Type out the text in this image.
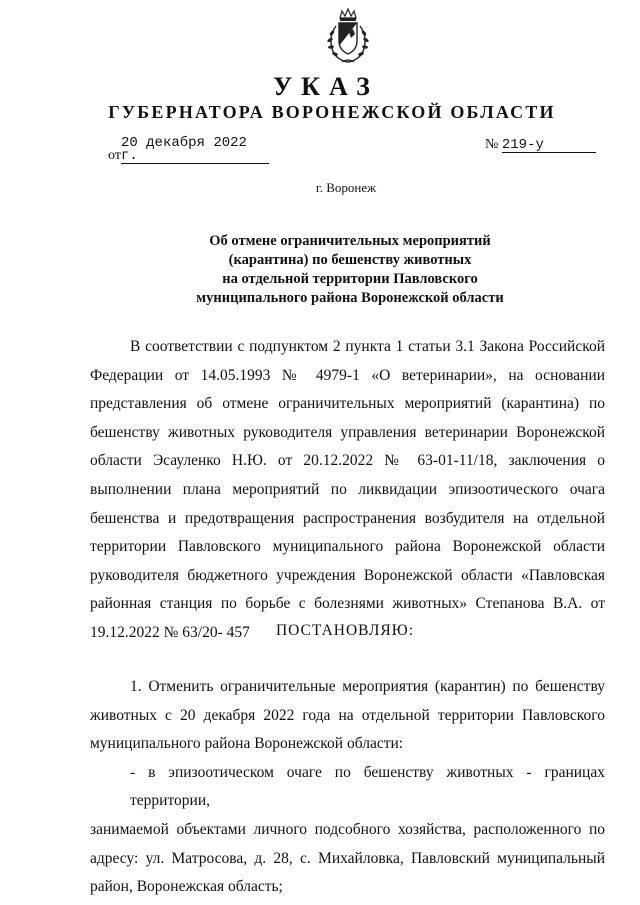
УКАЗ
ГУБЕРНАТОРА ВОРОНЕЖСКОЙ ОБЛАСТИ
от20 декабря 2022 г.
№ 219-у
г. Воронеж
Об отмене ограничительных мероприятий
(карантина) по бешенству животных
на отдельной территории Павловского
муниципального района Воронежской области
В соответствии с подпунктом 2 пункта 1 статьи 3.1 Закона Российской
Федерации от 14.05.1993 № 4979-1 «О ветеринарии», на основании
представления об отмене ограничительных мероприятий (карантина) по
бешенству животных руководителя управления ветеринарии Воронежской
области Эсауленко Н.Ю. от 20.12.2022 № 63-01-11/18, заключения о
выполнении плана мероприятий по ликвидации эпизоотического очага
бешенства и предотвращения распространения возбудителя на отдельной
территории Павловского муниципального района Воронежской области
руководителя бюджетного учреждения Воронежской области «Павловская
районная станция по борьбе с болезнями животных» Степанова В.А. от
19.12.2022 № 63/20- 457	ПОСТАНОВЛЯЮ:
1. Отменить ограничительные мероприятия (карантин) по бешенству
животных с 20 декабря 2022 года на отдельной территории Павловского
муниципального района Воронежской области:
- в эпизоотическом очаге по бешенству животных - границах территории,
занимаемой объектами личного подсобного хозяйства, расположенного по
адресу: ул. Матросова, д. 28, с. Михайловка, Павловский муниципальный
район, Воронежская область;
